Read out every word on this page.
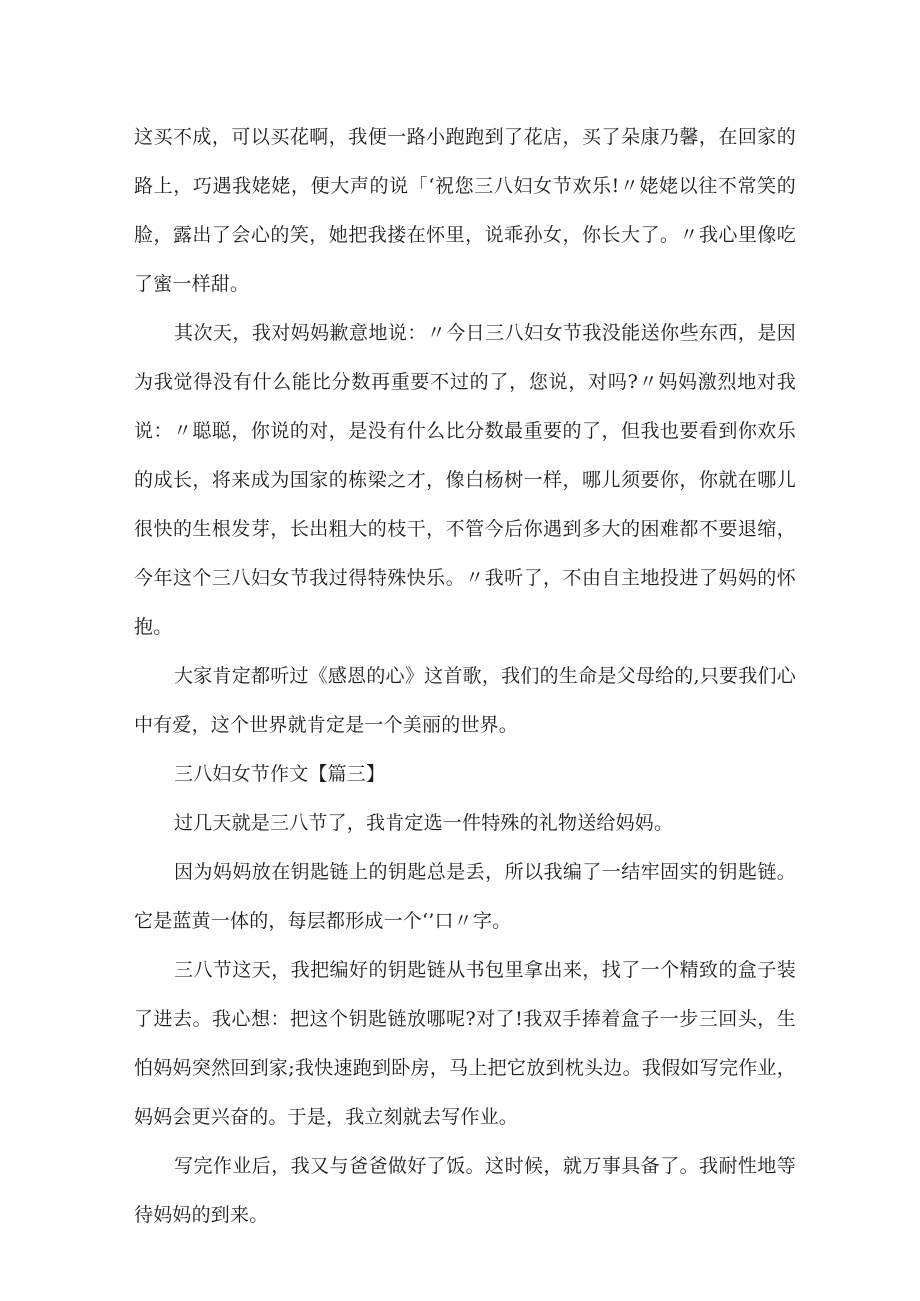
这买不成，可以买花啊，我便一路小跑跑到了花店，买了朵康乃馨，在回家的路上，巧遇我姥姥，便大声的说「‘祝您三八妇女节欢乐!〃姥姥以往不常笑的脸，露出了会心的笑，她把我搂在怀里，说乖孙女，你长大了。〃我心里像吃了蜜一样甜。

其次天，我对妈妈歉意地说：〃今日三八妇女节我没能送你些东西，是因为我觉得没有什么能比分数再重要不过的了，您说，对吗?〃妈妈激烈地对我说：〃聪聪，你说的对，是没有什么比分数最重要的了，但我也要看到你欢乐的成长，将来成为国家的栋梁之才，像白杨树一样，哪儿须要你，你就在哪儿很快的生根发芽，长出粗大的枝干，不管今后你遇到多大的困难都不要退缩，今年这个三八妇女节我过得特殊快乐。〃我听了，不由自主地投进了妈妈的怀抱。

大家肯定都听过《感恩的心》这首歌，我们的生命是父母给的,只要我们心中有爱，这个世界就肯定是一个美丽的世界。

三八妇女节作文【篇三】

过几天就是三八节了，我肯定选一件特殊的礼物送给妈妈。

因为妈妈放在钥匙链上的钥匙总是丢，所以我编了一结牢固实的钥匙链。它是蓝黄一体的，每层都形成一个‘’口〃字。

三八节这天，我把编好的钥匙链从书包里拿出来，找了一个精致的盒子装了进去。我心想：把这个钥匙链放哪呢?对了!我双手捧着盒子一步三回头，生怕妈妈突然回到家;我快速跑到卧房，马上把它放到枕头边。我假如写完作业，妈妈会更兴奋的。于是，我立刻就去写作业。

写完作业后，我又与爸爸做好了饭。这时候，就万事具备了。我耐性地等待妈妈的到来。
